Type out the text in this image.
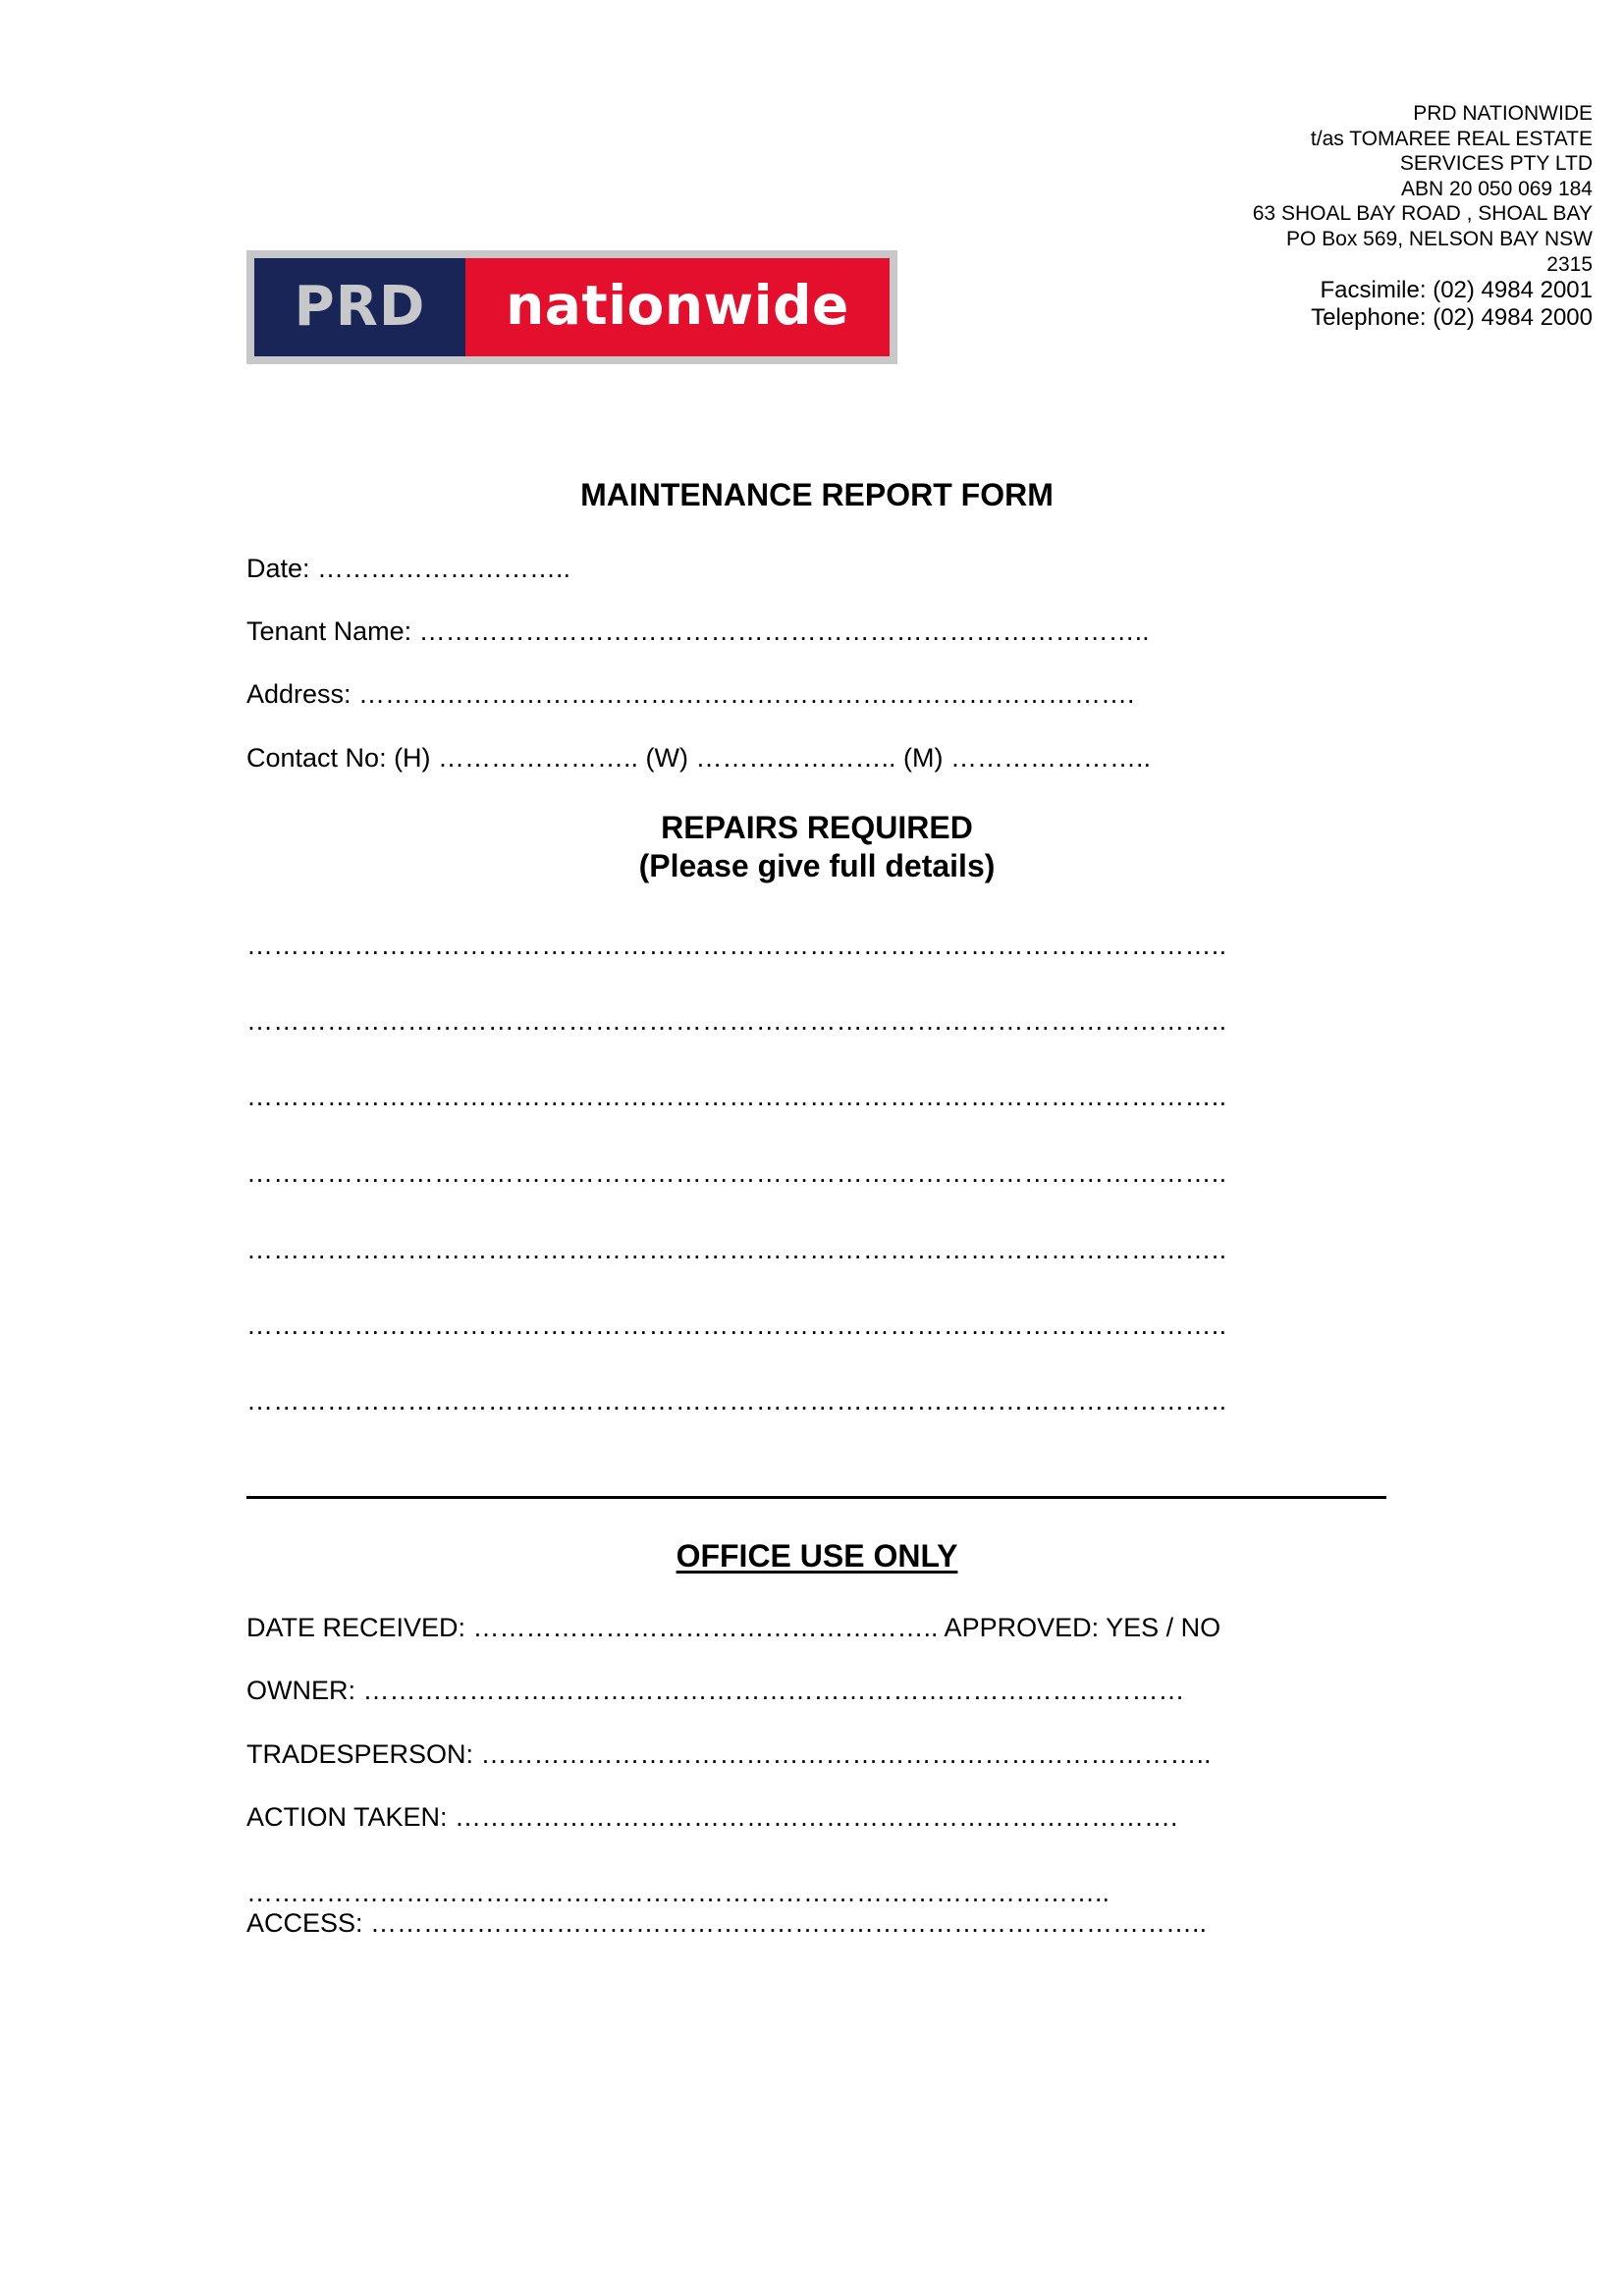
PRD NATIONWIDE
t/as TOMAREE REAL ESTATE
SERVICES PTY LTD
ABN 20 050 069 184
63 SHOAL BAY ROAD , SHOAL BAY
PO Box 569, NELSON BAY NSW
2315
Facsimile: (02) 4984 2001
Telephone: (02) 4984 2000
PRD	nationwide
MAINTENANCE REPORT FORM
Date: ………………………..
Tenant Name: ………………………………………………………………………..
Address: …………………………………………………………………………….
Contact No: (H) ………………….. (W) ………………….. (M) …………………..
REPAIRS REQUIRED
(Please give full details)
………………………………………………………………………………………………..
………………………………………………………………………………………………..
………………………………………………………………………………………………..
………………………………………………………………………………………………..
………………………………………………………………………………………………..
………………………………………………………………………………………………..
………………………………………………………………………………………………..
OFFICE USE ONLY
DATE RECEIVED: …………………………………………….. APPROVED: YES / NO
OWNER: …………………………………………………………………………………
TRADESPERSON: ………………………………………………………………………..
ACTION TAKEN: ……………………………………………………………………….
……………………………………………………………………………………..
ACCESS: …………………………………………………………………………………..
